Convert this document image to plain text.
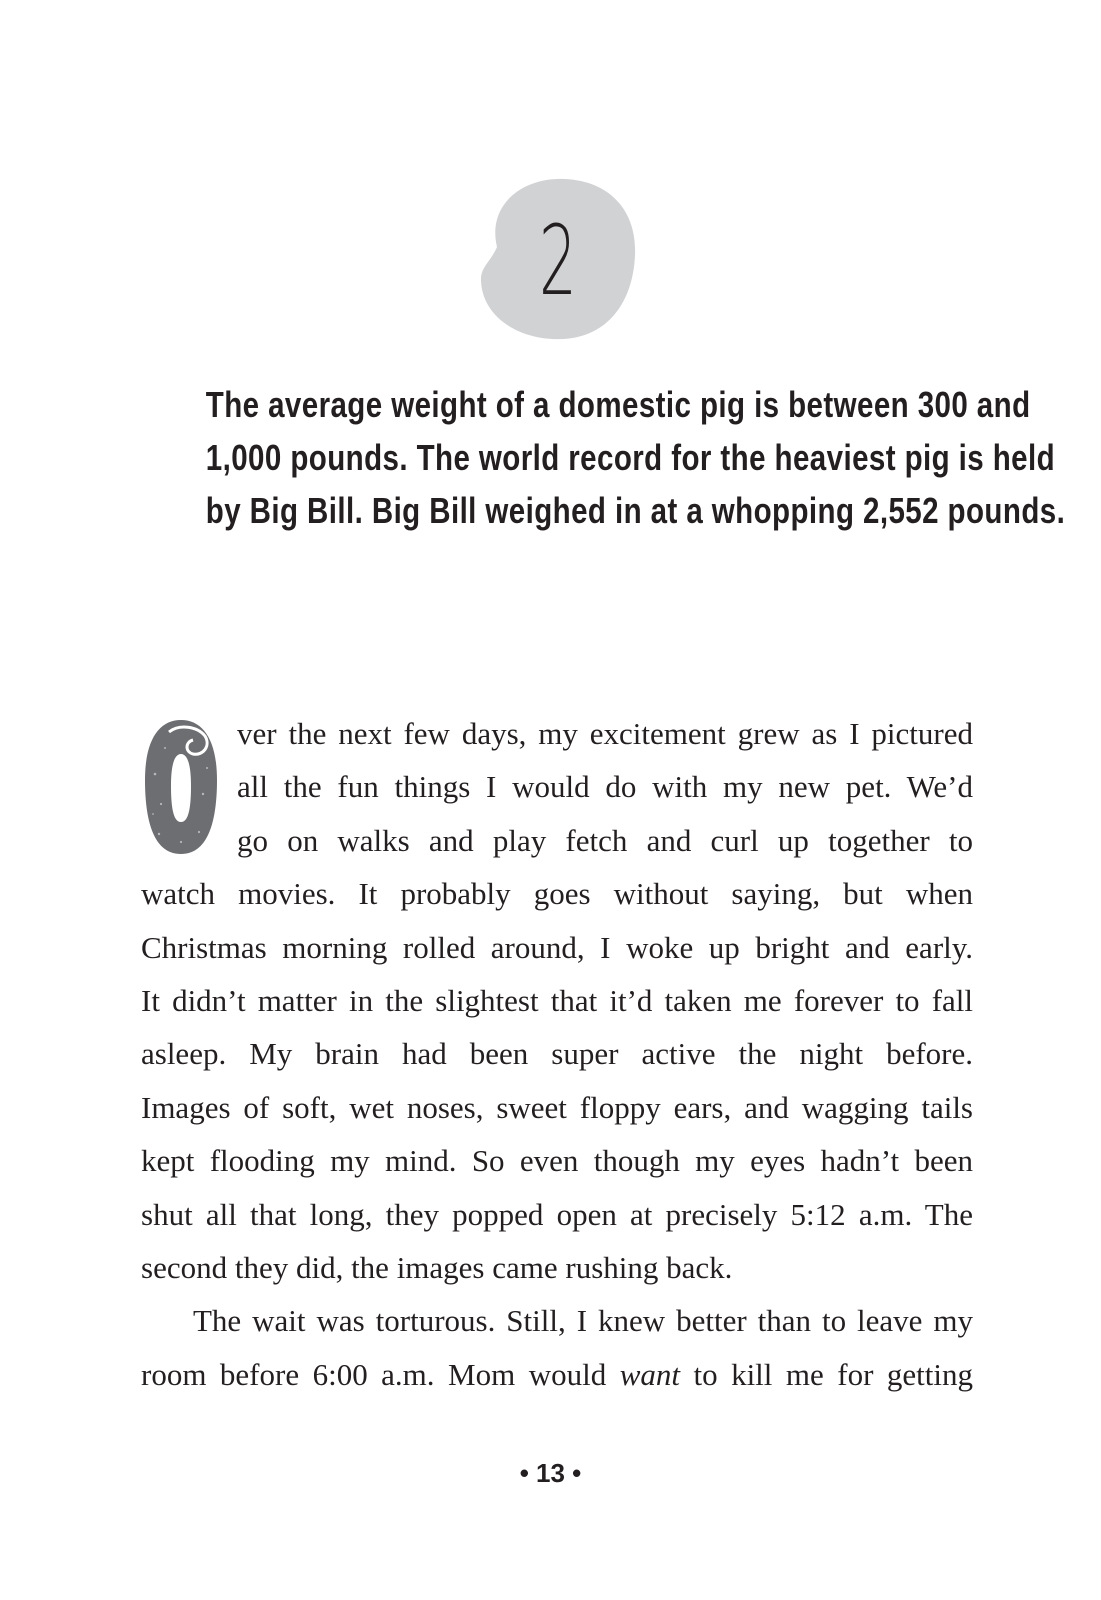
2
The average weight of a domestic pig is between 300 and
1,000 pounds. The world record for the heaviest pig is held
by Big Bill. Big Bill weighed in at a whopping 2,552 pounds.
ver the next few days, my excitement grew as I pictured
all the fun things I would do with my new pet. We’d
go on walks and play fetch and curl up together to
watch movies. It probably goes without saying, but when
Christmas morning rolled around, I woke up bright and early.
It didn’t matter in the slightest that it’d taken me forever to fall
asleep. My brain had been super active the night before.
Images of soft, wet noses, sweet floppy ears, and wagging tails
kept flooding my mind. So even though my eyes hadn’t been
shut all that long, they popped open at precisely 5:12 a.m. The
second they did, the images came rushing back.
The wait was torturous. Still, I knew better than to leave my
room before 6:00 a.m. Mom would want to kill me for getting
• 13 •
